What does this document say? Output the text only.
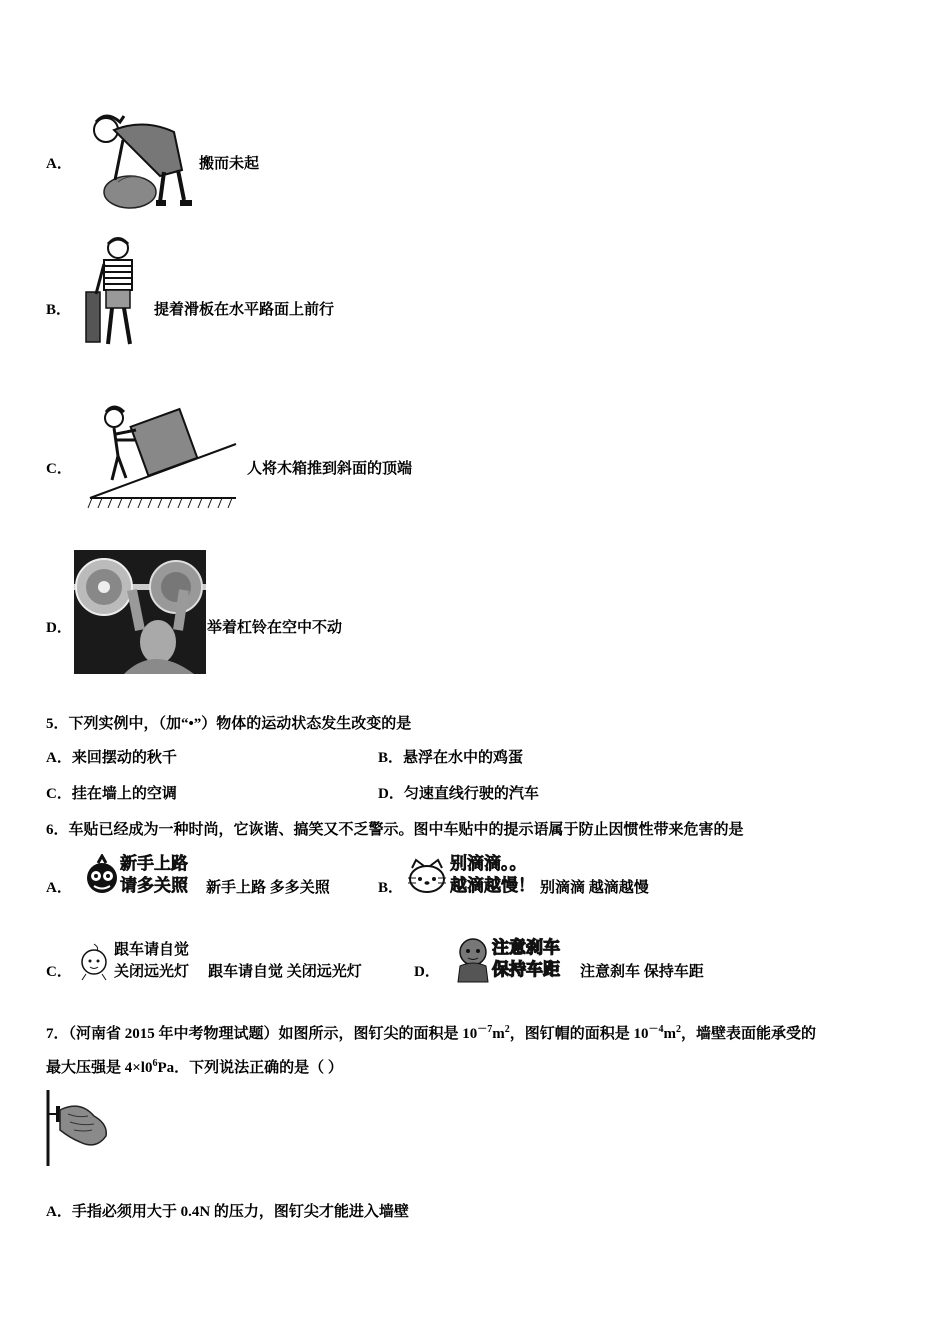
A．	搬而未起
B．	提着滑板在水平路面上前行
C．	人将木箱推到斜面的顶端
D．	举着杠铃在空中不动
5．下列实例中，（加“•”）物体的运动状态发生改变的是
A．来回摆动的秋千	B．悬浮在水中的鸡蛋
C．挂在墙上的空调	D．匀速直线行驶的汽车
6．车贴已经成为一种时尚，它诙谐、搞笑又不乏警示。图中车贴中的提示语属于防止因惯性带来危害的是
A．
新手上路
请多关照 新手上路 多多关照	B．
别滴滴。。
越滴越慢！ 别滴滴 越滴越慢
C．
跟车请自觉
关闭远光灯 跟车请自觉 关闭远光灯	D．
注意刹车
保持车距 注意刹车 保持车距
7．（河南省 2015 年中考物理试题）如图所示，图钉尖的面积是 $10^{-7}m^2$，图钉帽的面积是 $10^{-4}m^2$，墙壁表面能承受的
最大压强是 $4\times l0^6Pa$．下列说法正确的是（ ）
A．手指必须用大于 0.4N 的压力，图钉尖才能进入墙壁
